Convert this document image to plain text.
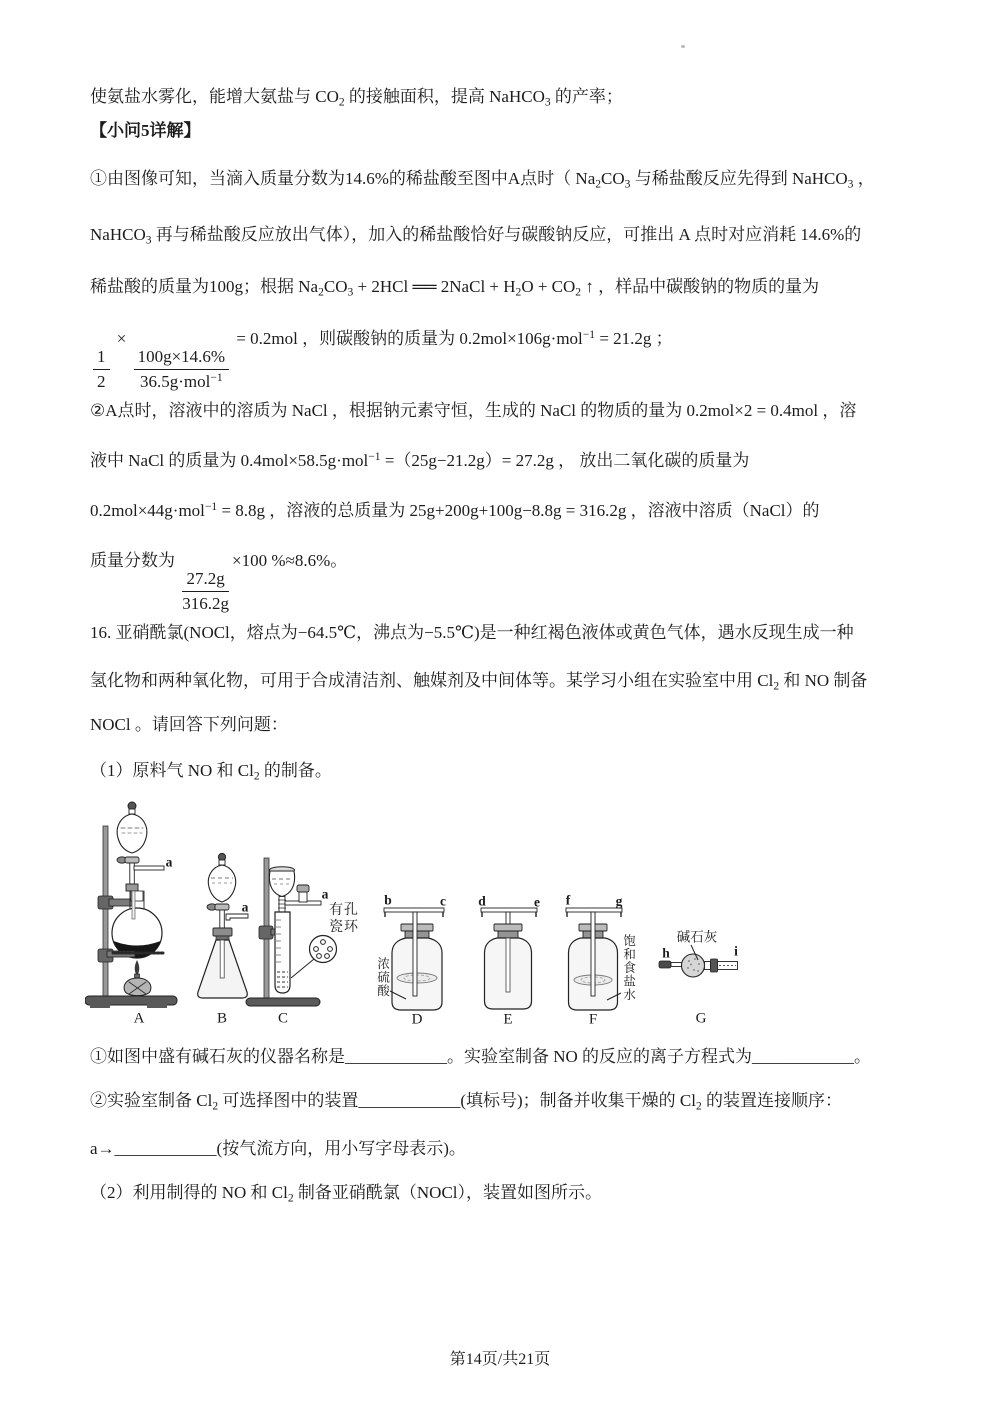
使氨盐水雾化，能增大氨盐与 $CO_2$ 的接触面积，提高 NaHCO$_3$ 的产率；

【小问5详解】

①由图像可知，当滴入质量分数为14.6%的稀盐酸至图中A点时（ $Na_2CO_3$ 与稀盐酸反应先得到 NaHCO$_3$ ，

NaHCO$_3$ 再与稀盐酸反应放出气体），加入的稀盐酸恰好与碳酸钠反应，可推出 A 点时对应消耗 14.6%的

稀盐酸的质量为100g；根据 $Na_2CO_3 + 2HCl$ ══ 2NaCl + $H_2O + CO_2$ ↑ ，样品中碳酸钠的物质的量为

$\frac{1}{2}$
×
$\frac{100g\times 14.6\%}{36.5g\cdot mol^{-1}}$
= 0.2mol ，则碳酸钠的质量为 0.2mol×106g·mol$^{-1}$ = 21.2g ；

②A点时，溶液中的溶质为 NaCl ，根据钠元素守恒，生成的 NaCl 的物质的量为 0.2mol×2 = 0.4mol ，溶

液中 NaCl 的质量为 0.4mol×58.5g·mol$^{-1}$ =（25g−21.2g）= 27.2g ， 放出二氧化碳的质量为

0.2mol×44g·mol$^{-1}$ = 8.8g ，溶液的总质量为 25g+200g+100g−8.8g = 316.2g ，溶液中溶质（NaCl）的

质量分数为
$\frac{27.2g}{316.2g}$
×100 %≈8.6%。

16. 亚硝酰氯(NOCl，熔点为−64.5℃，沸点为−5.5℃)是一种红褐色液体或黄色气体，遇水反现生成一种

氢化物和两种氧化物，可用于合成清洁剂、触媒剂及中间体等。某学习小组在实验室中用 $Cl_2$ 和 NO 制备

NOCl 。请回答下列问题：

（1）原料气 NO 和 $Cl_2$ 的制备。

a
a
a	b	c d	e f	g
h	i
有孔
瓷环
浓硫酸	饱和食盐水	碱石灰
A	B	C	D	E	F	G

①如图中盛有碱石灰的仪器名称是____________。实验室制备 NO 的反应的离子方程式为____________。

②实验室制备 $Cl_2$ 可选择图中的装置____________(填标号)；制备并收集干燥的 $Cl_2$ 的装置连接顺序：

a→____________(按气流方向，用小写字母表示)。

（2）利用制得的 NO 和 $Cl_2$ 制备亚硝酰氯（NOCl），装置如图所示。

第14页/共21页
